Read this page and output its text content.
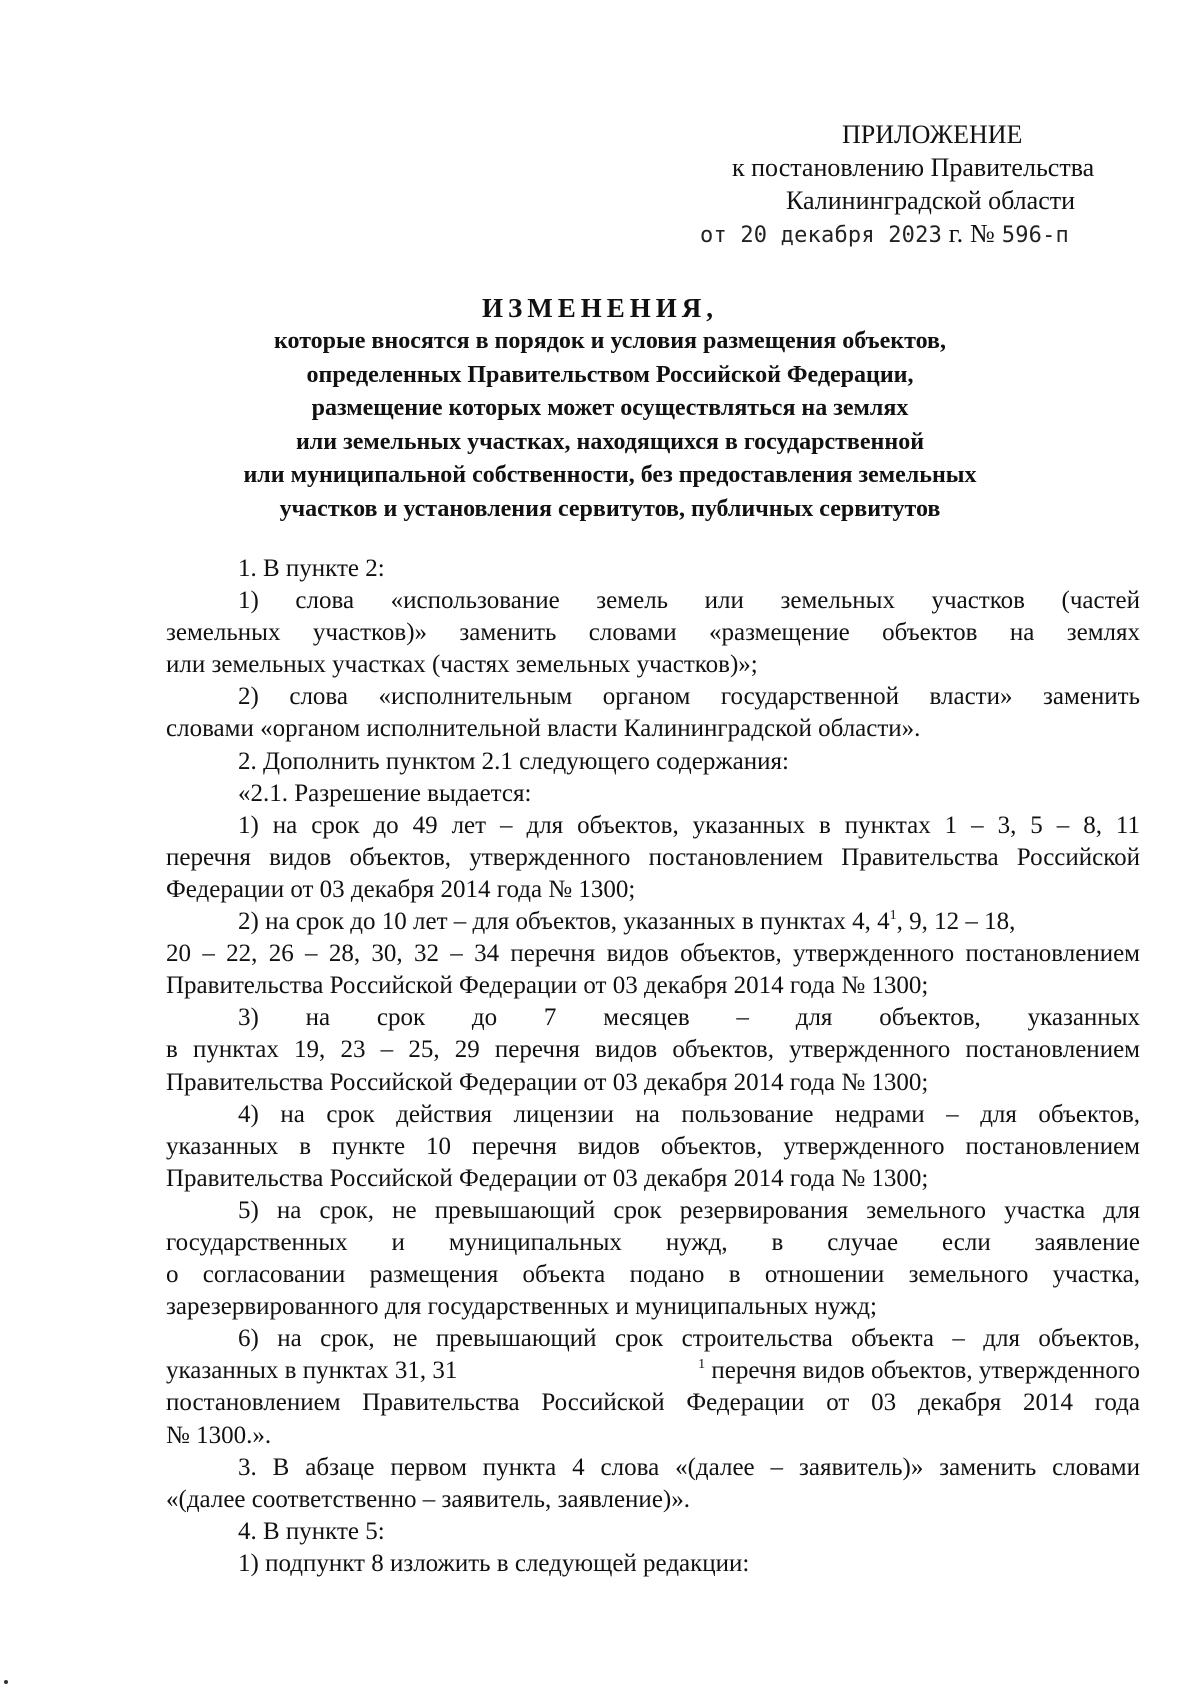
ПРИЛОЖЕНИЕ
к постановлению Правительства
Калининградской области
от 20 декабря 2023 г. № 596-п
ИЗМЕНЕНИЯ,
которые вносятся в порядок и условия размещения объектов,
определенных Правительством Российской Федерации,
размещение которых может осуществляться на землях
или земельных участках, находящихся в государственной
или муниципальной собственности, без предоставления земельных
участков и установления сервитутов, публичных сервитутов
1. В пункте 2:
1) слова «использование земель или земельных участков (частей
земельных участков)» заменить словами «размещение объектов на землях
или земельных участках (частях земельных участков)»;
2) слова «исполнительным органом государственной власти» заменить
словами «органом исполнительной власти Калининградской области».
2. Дополнить пунктом 2.1 следующего содержания:
«2.1. Разрешение выдается:
1) на срок до 49 лет – для объектов, указанных в пунктах 1 – 3, 5 – 8, 11
перечня видов объектов, утвержденного постановлением Правительства Российской
Федерации от 03 декабря 2014 года № 1300;
2) на срок до 10 лет – для объектов, указанных в пунктах 4, $4^1$, 9, 12 – 18,
20 – 22, 26 – 28, 30, 32 – 34 перечня видов объектов, утвержденного постановлением
Правительства Российской Федерации от 03 декабря 2014 года № 1300;
3) на срок до 7 месяцев – для объектов, указанных
в пунктах 19, 23 – 25, 29 перечня видов объектов, утвержденного постановлением
Правительства Российской Федерации от 03 декабря 2014 года № 1300;
4) на срок действия лицензии на пользование недрами – для объектов,
указанных в пункте 10 перечня видов объектов, утвержденного постановлением
Правительства Российской Федерации от 03 декабря 2014 года № 1300;
5) на срок, не превышающий срок резервирования земельного участка для
государственных и муниципальных нужд, в случае если заявление
о согласовании размещения объекта подано в отношении земельного участка,
зарезервированного для государственных и муниципальных нужд;
6) на срок, не превышающий срок строительства объекта – для объектов,
указанных в пунктах 31, 31	$^1$ перечня видов объектов, утвержденного
постановлением Правительства Российской Федерации от 03 декабря 2014 года
№ 1300.».
3. В абзаце первом пункта 4 слова «(далее – заявитель)» заменить словами
«(далее соответственно – заявитель, заявление)».
4. В пункте 5:
1) подпункт 8 изложить в следующей редакции:
